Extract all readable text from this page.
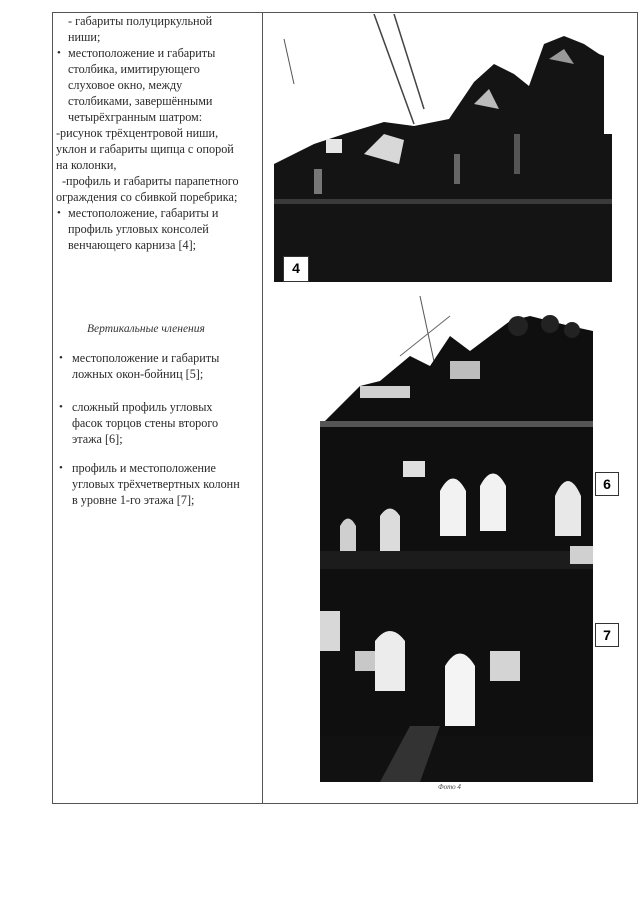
- габариты полуциркульной
ниши;
• местоположение и габариты
столбика, имитирующего
слуховое окно, между
столбиками, завершёнными
четырёхгранным шатром:
-рисунок трёхцентровой ниши,
уклон и габариты щипца с опорой
на колонки,
-профиль и габариты парапетного
ограждения со сбивкой поребрика;
• местоположение, габариты и
профиль угловых консолей
венчающего карниза [4];
Вертикальные членения
• местоположение и габариты
ложных окон-бойниц [5];
• сложный профиль угловых
фасок торцов стены второго
этажа [6];
• профиль и местоположение
угловых трёхчетвертных колонн
в уровне 1-го этажа [7];
4
6
7
Фото 4
